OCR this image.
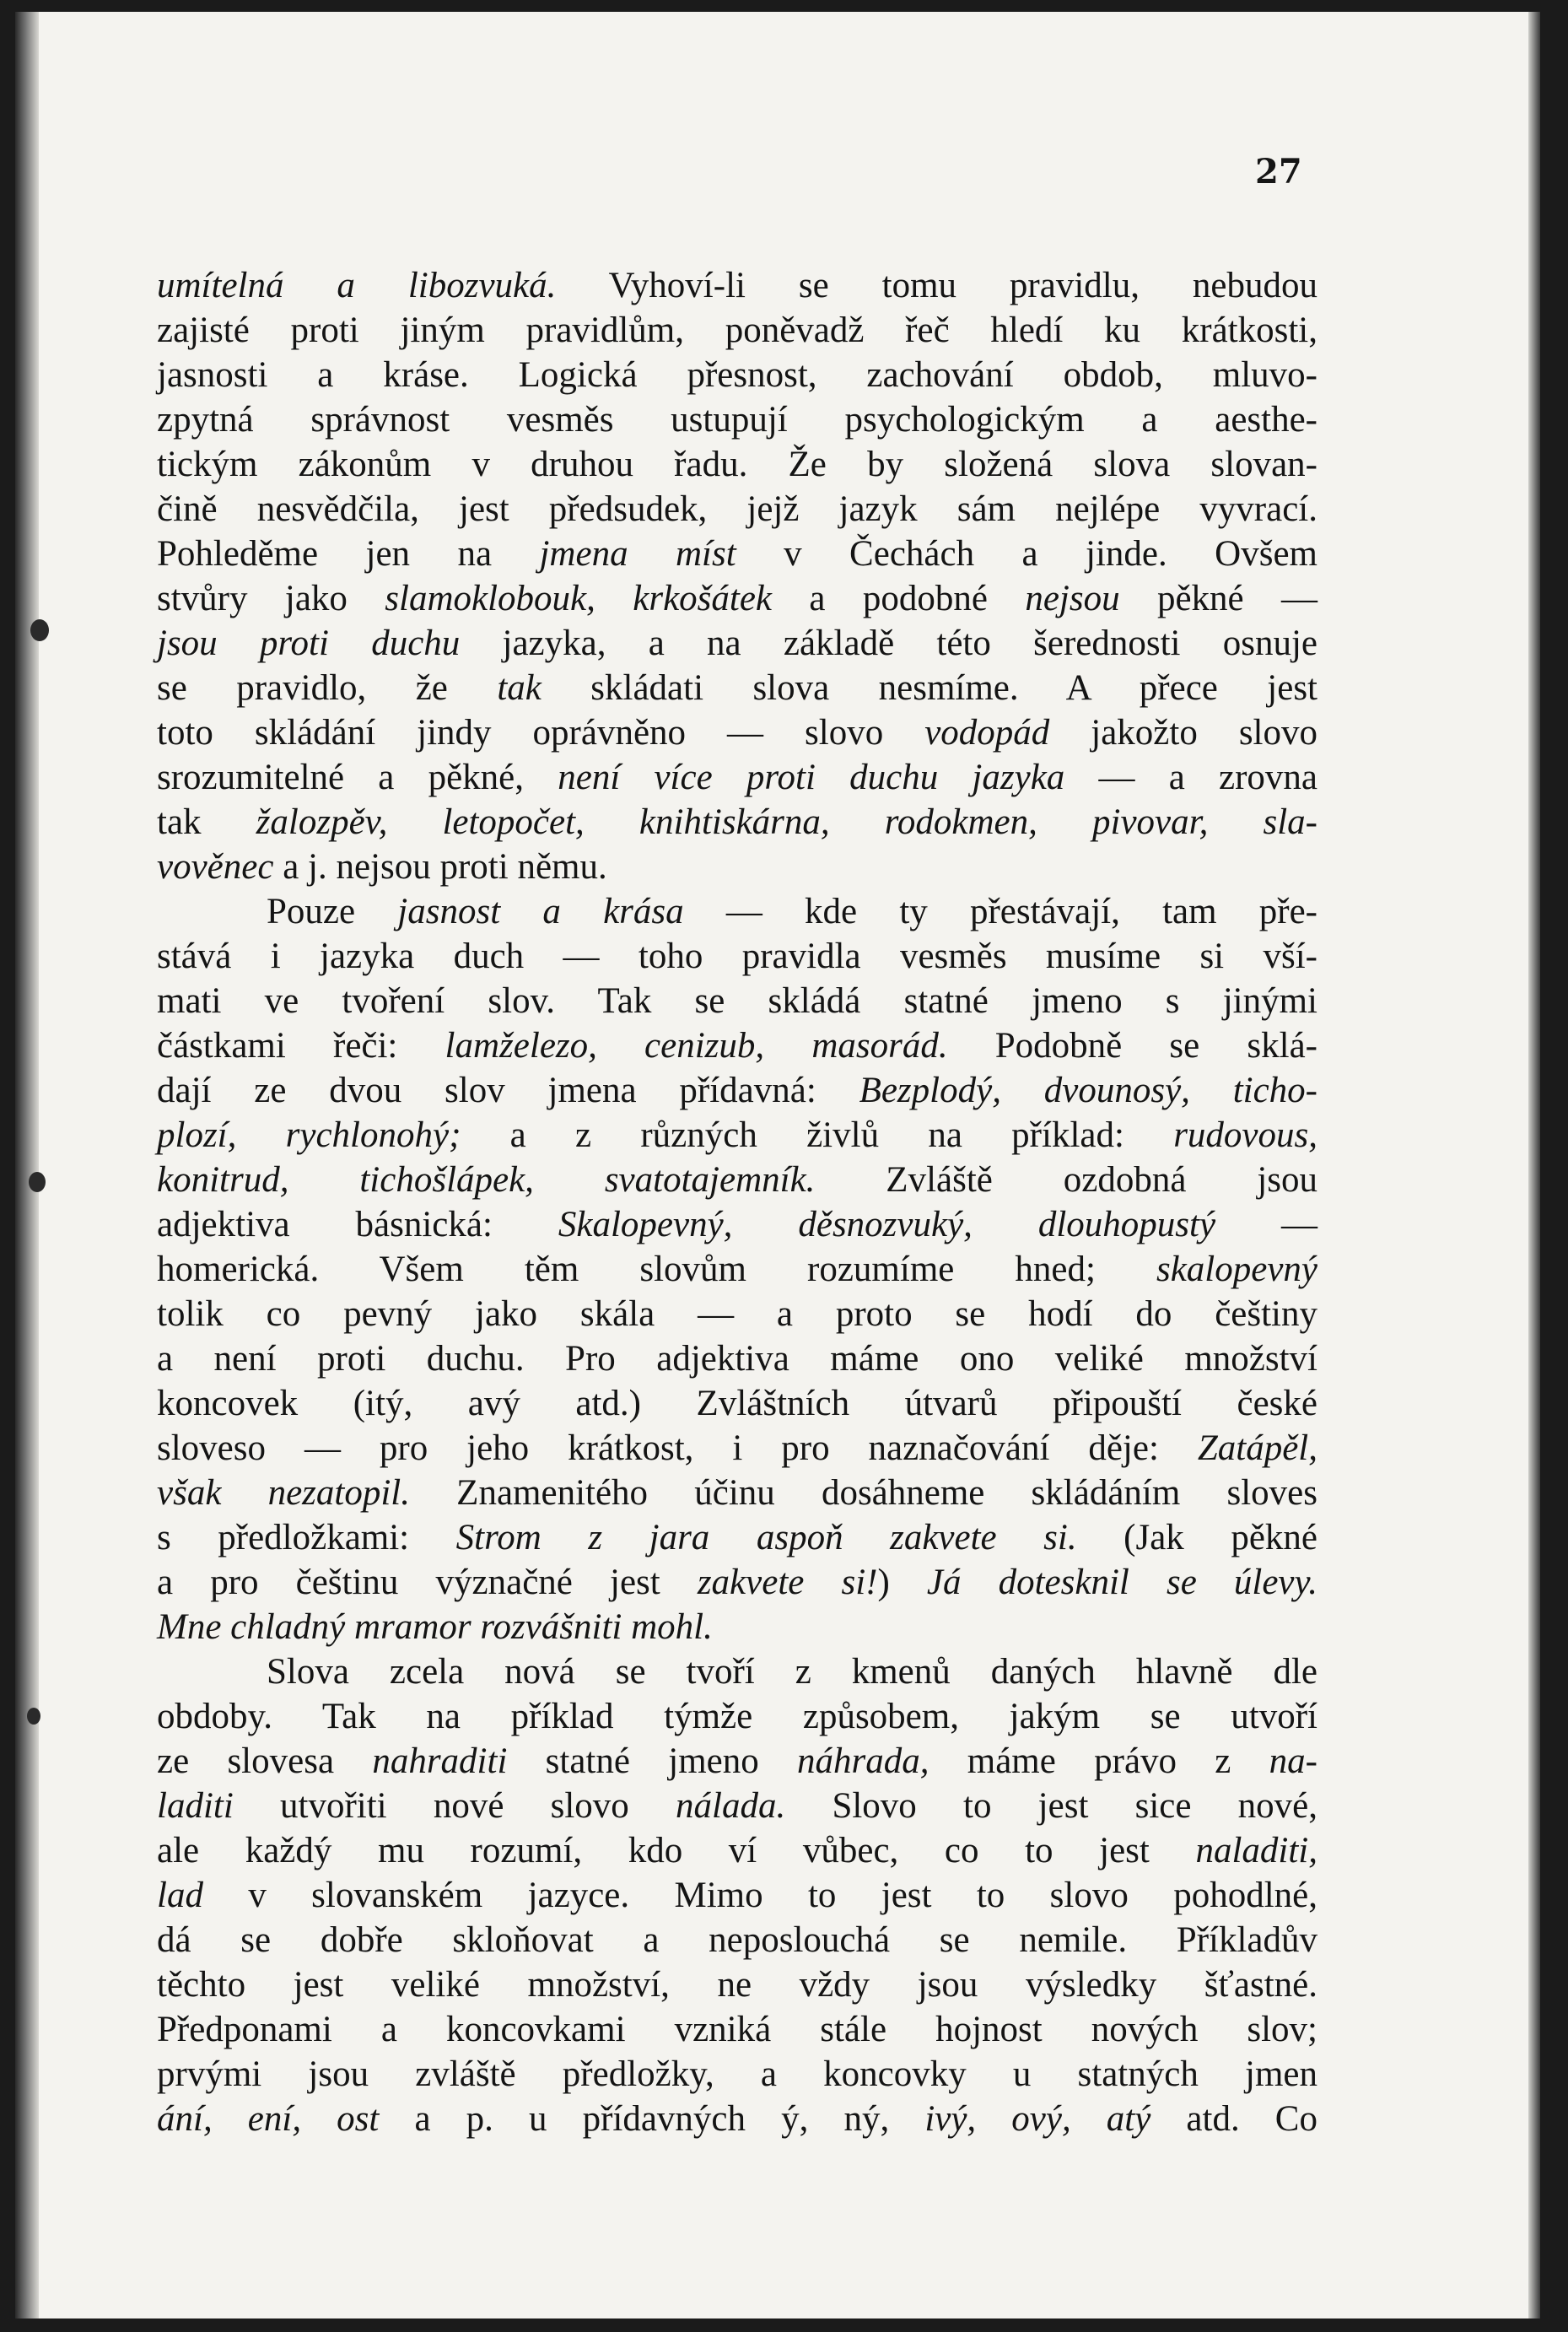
27
umítelná a libozvuká. Vyhoví-li se tomu pravidlu, nebudou
zajisté proti jiným pravidlům, poněvadž řeč hledí ku krátkosti,
jasnosti a kráse. Logická přesnost, zachování obdob, mluvo-
zpytná správnost vesměs ustupují psychologickým a aesthe-
tickým zákonům v druhou řadu. Že by složená slova slovan-
čině nesvědčila, jest předsudek, jejž jazyk sám nejlépe vyvrací.
Pohleděme jen na jmena míst v Čechách a jinde. Ovšem
stvůry jako slamoklobouk, krkošátek a podobné nejsou pěkné —
jsou proti duchu jazyka, a na základě této šerednosti osnuje
se pravidlo, že tak skládati slova nesmíme. A přece jest
toto skládání jindy oprávněno — slovo vodopád jakožto slovo
srozumitelné a pěkné, není více proti duchu jazyka — a zrovna
tak žalozpěv, letopočet, knihtiskárna, rodokmen, pivovar, sla-
vověnec a j. nejsou proti němu.
Pouze jasnost a krása — kde ty přestávají, tam pře-
stává i jazyka duch — toho pravidla vesměs musíme si vší-
mati ve tvoření slov. Tak se skládá statné jmeno s jinými
částkami řeči: lamželezo, cenizub, masorád. Podobně se sklá-
dají ze dvou slov jmena přídavná: Bezplodý, dvounosý, ticho-
plozí, rychlonohý; a z různých živlů na příklad: rudovous,
konitrud, tichošlápek, svatotajemník. Zvláště ozdobná jsou
adjektiva básnická: Skalopevný, děsnozvuký, dlouhopustý —
homerická. Všem těm slovům rozumíme hned; skalopevný
tolik co pevný jako skála — a proto se hodí do češtiny
a není proti duchu. Pro adjektiva máme ono veliké množství
koncovek (itý, avý atd.) Zvláštních útvarů připouští české
sloveso — pro jeho krátkost, i pro naznačování děje: Zatápěl,
však nezatopil. Znamenitého účinu dosáhneme skládáním sloves
s předložkami: Strom z jara aspoň zakvete si. (Jak pěkné
a pro češtinu význačné jest zakvete si!) Já dotesknil se úlevy.
Mne chladný mramor rozvášniti mohl.
Slova zcela nová se tvoří z kmenů daných hlavně dle
obdoby. Tak na příklad týmže způsobem, jakým se utvoří
ze slovesa nahraditi statné jmeno náhrada, máme právo z na-
laditi utvořiti nové slovo nálada. Slovo to jest sice nové,
ale každý mu rozumí, kdo ví vůbec, co to jest naladiti,
lad v slovanském jazyce. Mimo to jest to slovo pohodlné,
dá se dobře skloňovat a neposlouchá se nemile. Příkladův
těchto jest veliké množství, ne vždy jsou výsledky šťastné.
Předponami a koncovkami vzniká stále hojnost nových slov;
prvými jsou zvláště předložky, a koncovky u statných jmen
ání, ení, ost a p. u přídavných ý, ný, ivý, ový, atý atd. Co
